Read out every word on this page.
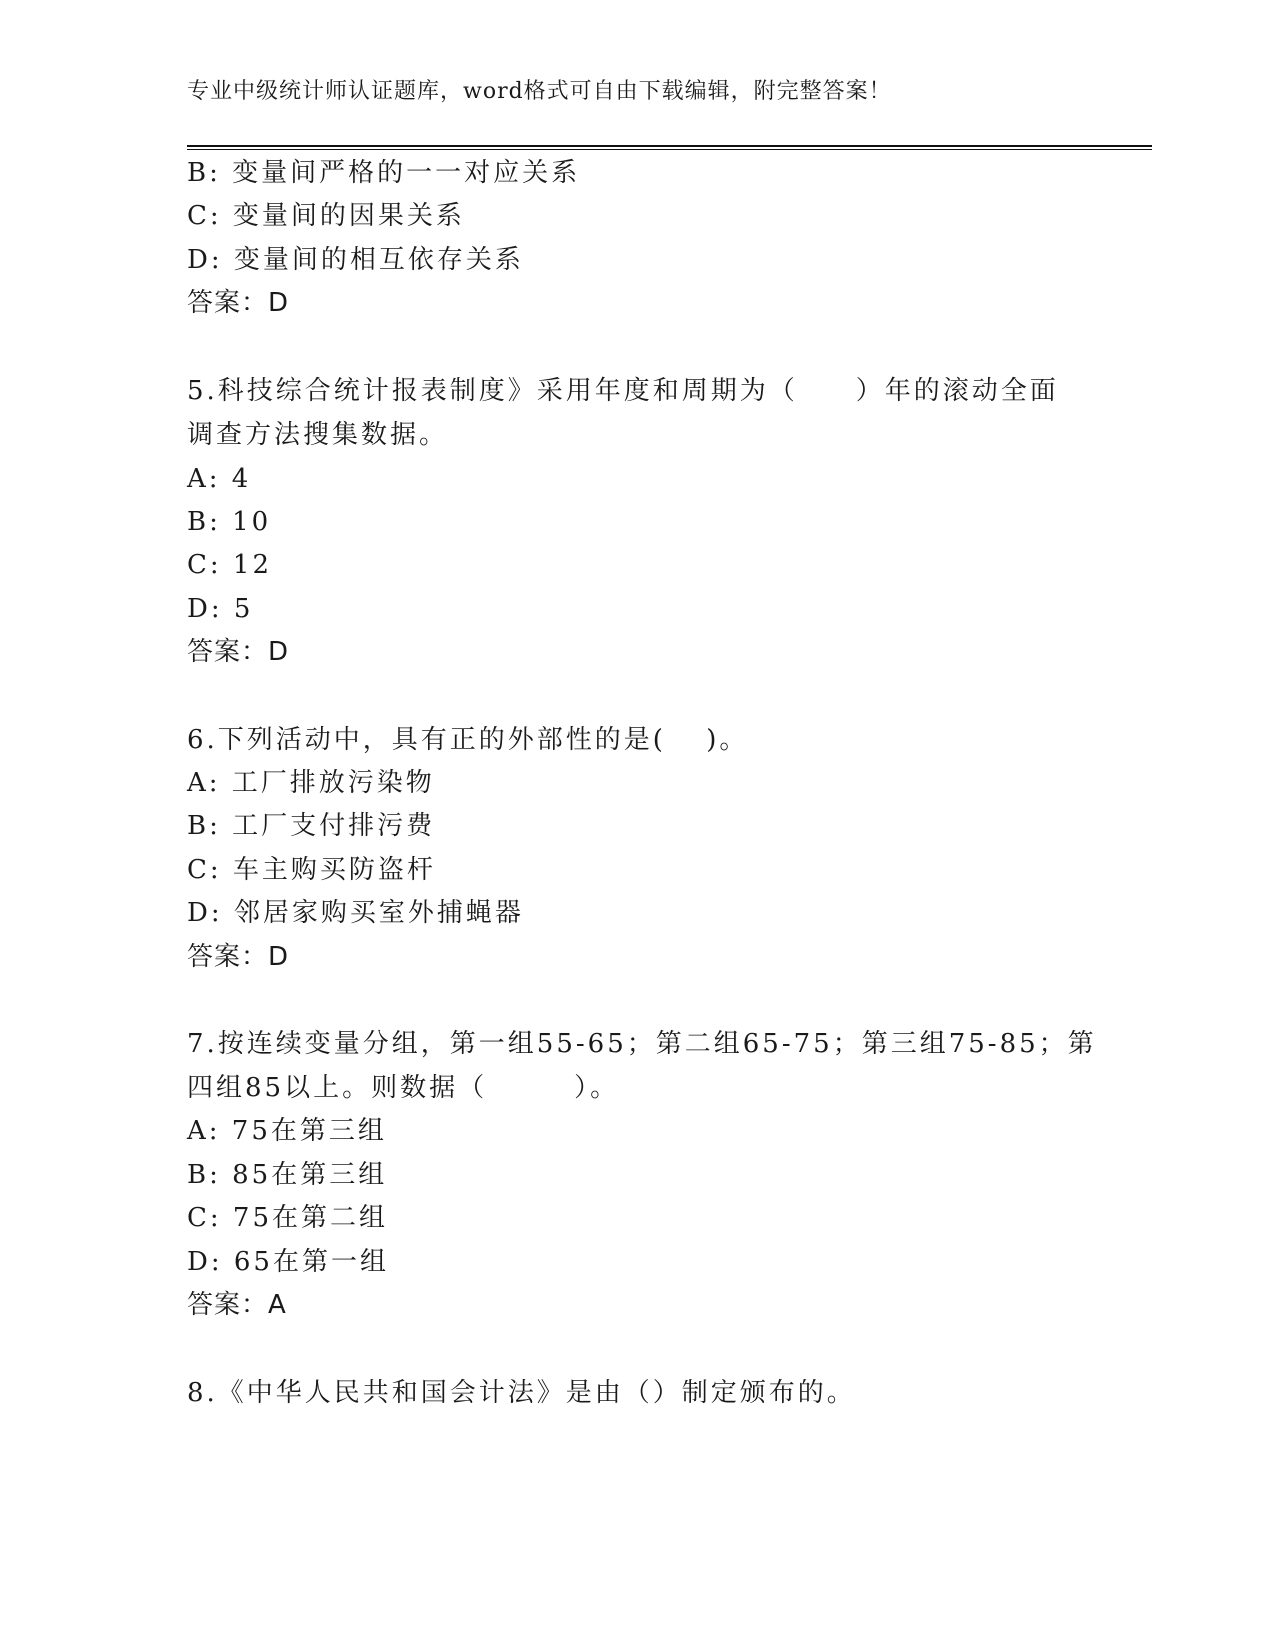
专业中级统计师认证题库，word格式可自由下载编辑，附完整答案！
B: 变量间严格的一一对应关系
C: 变量间的因果关系
D: 变量间的相互依存关系
答案：D
5.科技综合统计报表制度》采用年度和周期为（　　）年的滚动全面
调查方法搜集数据。
A: 4
B: 10
C: 12
D: 5
答案：D
6.下列活动中，具有正的外部性的是(　 )。
A: 工厂排放污染物
B: 工厂支付排污费
C: 车主购买防盗杆
D: 邻居家购买室外捕蝇器
答案：D
7.按连续变量分组，第一组55-65；第二组65-75；第三组75-85；第
四组85以上。则数据（　　　）。
A: 75在第三组
B: 85在第三组
C: 75在第二组
D: 65在第一组
答案：A
8.《中华人民共和国会计法》是由（）制定颁布的。
